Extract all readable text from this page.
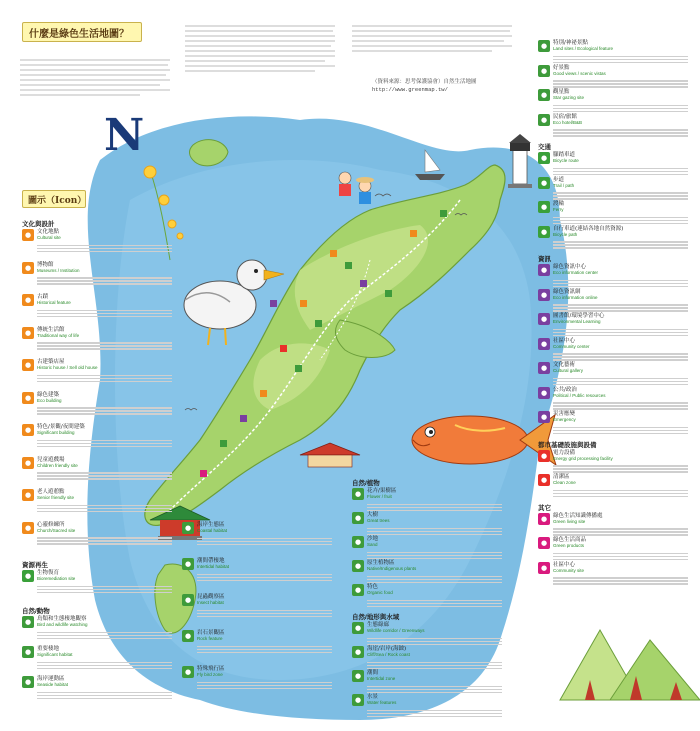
N
什麼是綠色生活地圖？
圖示（Icon）
（資料來源：思考保護協會）自然生活地圖
http://www.greenmap.tw/
文化與設計
●	文化地點
Cultural site
●	博物館
Museums / Institution
●	古蹟
Historical feature
●	傳統生活館
Traditional way of life
●	古建築店屋
Historic house / Sell old house
●	綠色建築
Eco building
●	特色/景觀/夜間建築
Significant building
●	兒童遊戲場
Children friendly site
●	老人遊憩點
Senior friendly site
●	心靈修練所
Church/Sacred site
資源再生
●	生物復育
Bioremediation site
自然/動物
●	鳥類和生態棲地觀察
Bird and wildlife watching
●	重要棲地
Significant habitat
●	海岸運動區
Seaside habitat
●	海岸生態區
Coastal habitat
●	潮間帶棲地
Intertidal habitat
●	昆蟲觀察區
Insect habitat
●	岩石景觀區
Rock feature
●	特殊飛行區
Fly bird zone
自然/植物
●	花卉/果樹區
Flower / fruit
●	大樹
Great trees
●	沙地
Sand
●	原生植物區
Native/Indigenous plants
●	特色
Organic food
自然/地形與水域
●	生態綠廊
Wildlife corridor / Greenways
●	海崖/岩岸(海蝕)
Cliff/Sea / Rock coast
●	潮間
Intertidal zone
●	水景
Water features
●	特別/神祕景點
Land sites / Ecological feature
●	好景點
Good views / scenic vistas
●	觀星點
Star gazing site
●	民宿/旅館
Eco hotel/B&B
交通
●	腳踏車道
Bicycle route
●	步道
Trail / path
●	渡輪
Ferry
●	自行車道(連結各地自然資源)
Bicycle path
資訊
●	綠色資訊中心
Eco information center
●	綠色資訊網
Eco information online
●	圖書館/環境學習中心
Environmental Learning
●	社區中心
Community center
●	文化藝術
Cultural gallery
●	公共/政治
Political / Public resources
●	災害應變
Emergency
都市基礎設施與設備
●	電力設備
Energy grid processing facility
●	清潔區
Clean zone
其它
●	綠色生活知識傳播處
Green living site
●	綠色生活商品
Green products
●	社區中心
Community site
